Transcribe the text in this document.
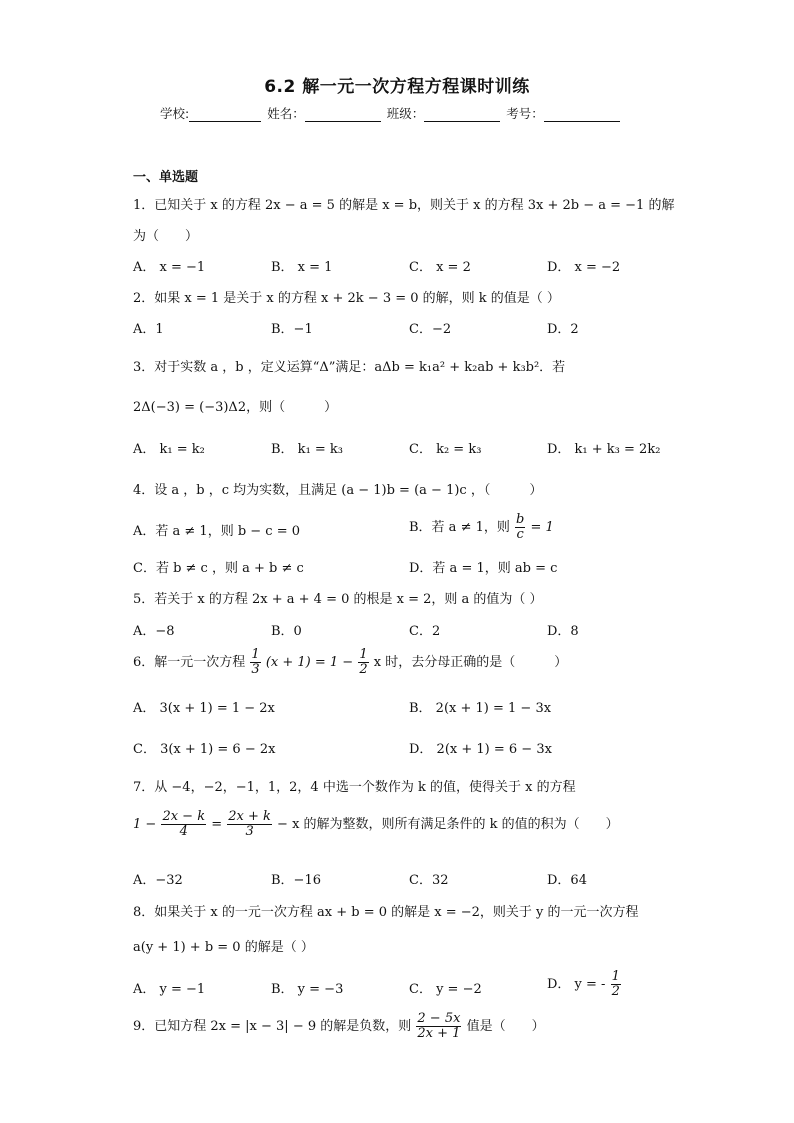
6.2 解一元一次方程方程课时训练
学校:	姓名：	班级：	考号：
一、单选题
1．已知关于 x 的方程 2x − a = 5 的解是 x = b，则关于 x 的方程 3x + 2b − a = −1 的解
为（　　）
A． x = −1	B． x = 1	C． x = 2	D． x = −2
2．如果 x = 1 是关于 x 的方程 x + 2k − 3 = 0 的解，则 k 的值是（ ）
A．1	B．−1	C．−2	D．2
3．对于实数 a ，b ，定义运算“Δ”满足：aΔb = k₁a² + k₂ab + k₃b²．若
2Δ(−3) = (−3)Δ2，则（　　　）
A． k₁ = k₂	B． k₁ = k₃	C． k₂ = k₃	D． k₁ + k₃ = 2k₂
4．设 a ，b ，c 均为实数，且满足 (a − 1)b = (a − 1)c ，（　　　）
A．若 a ≠ 1，则 b − c = 0	B．若 a ≠ 1，则 $\frac{b}{c} = 1$
C．若 b ≠ c ，则 a + b ≠ c	D．若 a = 1，则 ab = c
5．若关于 x 的方程 2x + a + 4 = 0 的根是 x = 2，则 a 的值为（ ）
A．−8	B．0	C．2	D．8
6．解一元一次方程 $\frac{1}{3} (x + 1) = 1 - \frac{1}{2}$ x 时，去分母正确的是（　　　）
A． 3(x + 1) = 1 − 2x	B． 2(x + 1) = 1 − 3x
C． 3(x + 1) = 6 − 2x	D． 2(x + 1) = 6 − 3x
7．从 −4，−2，−1，1，2，4 中选一个数作为 k 的值，使得关于 x 的方程
$1 - \frac{2x - k}{4} = \frac{2x + k}{3} - x$ 的解为整数，则所有满足条件的 k 的值的积为（　　）
A．−32	B．−16	C．32	D．64
8．如果关于 x 的一元一次方程 ax + b = 0 的解是 x = −2，则关于 y 的一元一次方程
a(y + 1) + b = 0 的解是（ ）
A． y = −1	B． y = −3	C． y = −2	D． y = - $\frac{1}{2}$
9．已知方程 2x = |x − 3| − 9 的解是负数，则 $\frac{2 - 5x}{2x + 1}$ 值是（　　）
